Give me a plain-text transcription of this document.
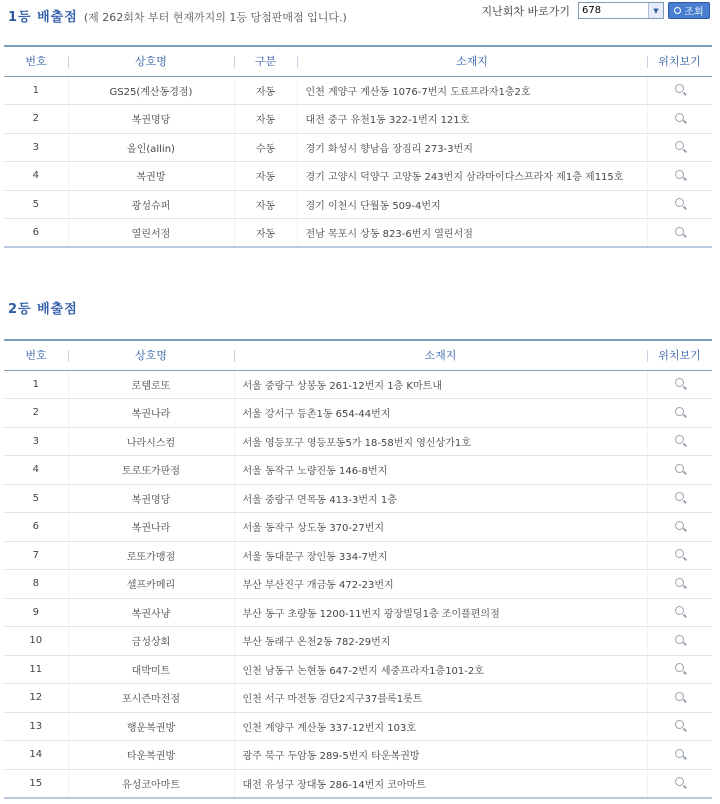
1등 배출점 (제 262회차 부터 현재까지의 1등 당첨판매점 입니다.)	지난회차 바로가기 678	▼	조회
번호	상호명	구분	소재지	위치보기
1	GS25(계산동경점)	자동	인천 계양구 계산동 1076-7번지 도료프라자1층2호	
2	복권명당	자동	대전 중구 유천1동 322-1번지 121호	
3	올인(allin)	수동	경기 화성시 향남읍 장짐리 273-3번지	
4	복권방	자동	경기 고양시 덕양구 고양동 243번지 삼라마이다스프라자 제1층 제115호	
5	광성슈퍼	자동	경기 이천시 단월동 509-4번지	
6	열린서점	자동	전남 목포시 상동 823-6번지 열린서점	
2등 배출점
번호	상호명	소재지	위치보기
1	로템로또	서울 중랑구 상봉동 261-12번지 1층 K마트내	
2	복권나라	서울 강서구 등촌1동 654-44번지	
3	나라시스컴	서울 영등포구 영등포동5가 18-58번지 영신상가1호	
4	토로또가판점	서울 동작구 노량진동 146-8번지	
5	복권명당	서울 중랑구 면목동 413-3번지 1층	
6	복권나라	서울 동작구 상도동 370-27번지	
7	로또가맹점	서울 동대문구 장인동 334-7번지	
8	셀프카메리	부산 부산진구 개금동 472-23번지	
9	복권사냥	부산 동구 초량동 1200-11번지 광장빌딩1층 조이플편의점	
10	금성상회	부산 동래구 온천2동 782-29번지	
11	대박미트	인천 남동구 논현동 647-2번지 세중프라자1층101-2호	
12	포시즌마전점	인천 서구 마전동 검단2지구37블록1롯트	
13	행운복권방	인천 계양구 계산동 337-12번지 103호	
14	타운복권방	광주 북구 두암동 289-5번지 타운복권방	
15	유성코아마트	대전 유성구 장대동 286-14번지 코아마트	
